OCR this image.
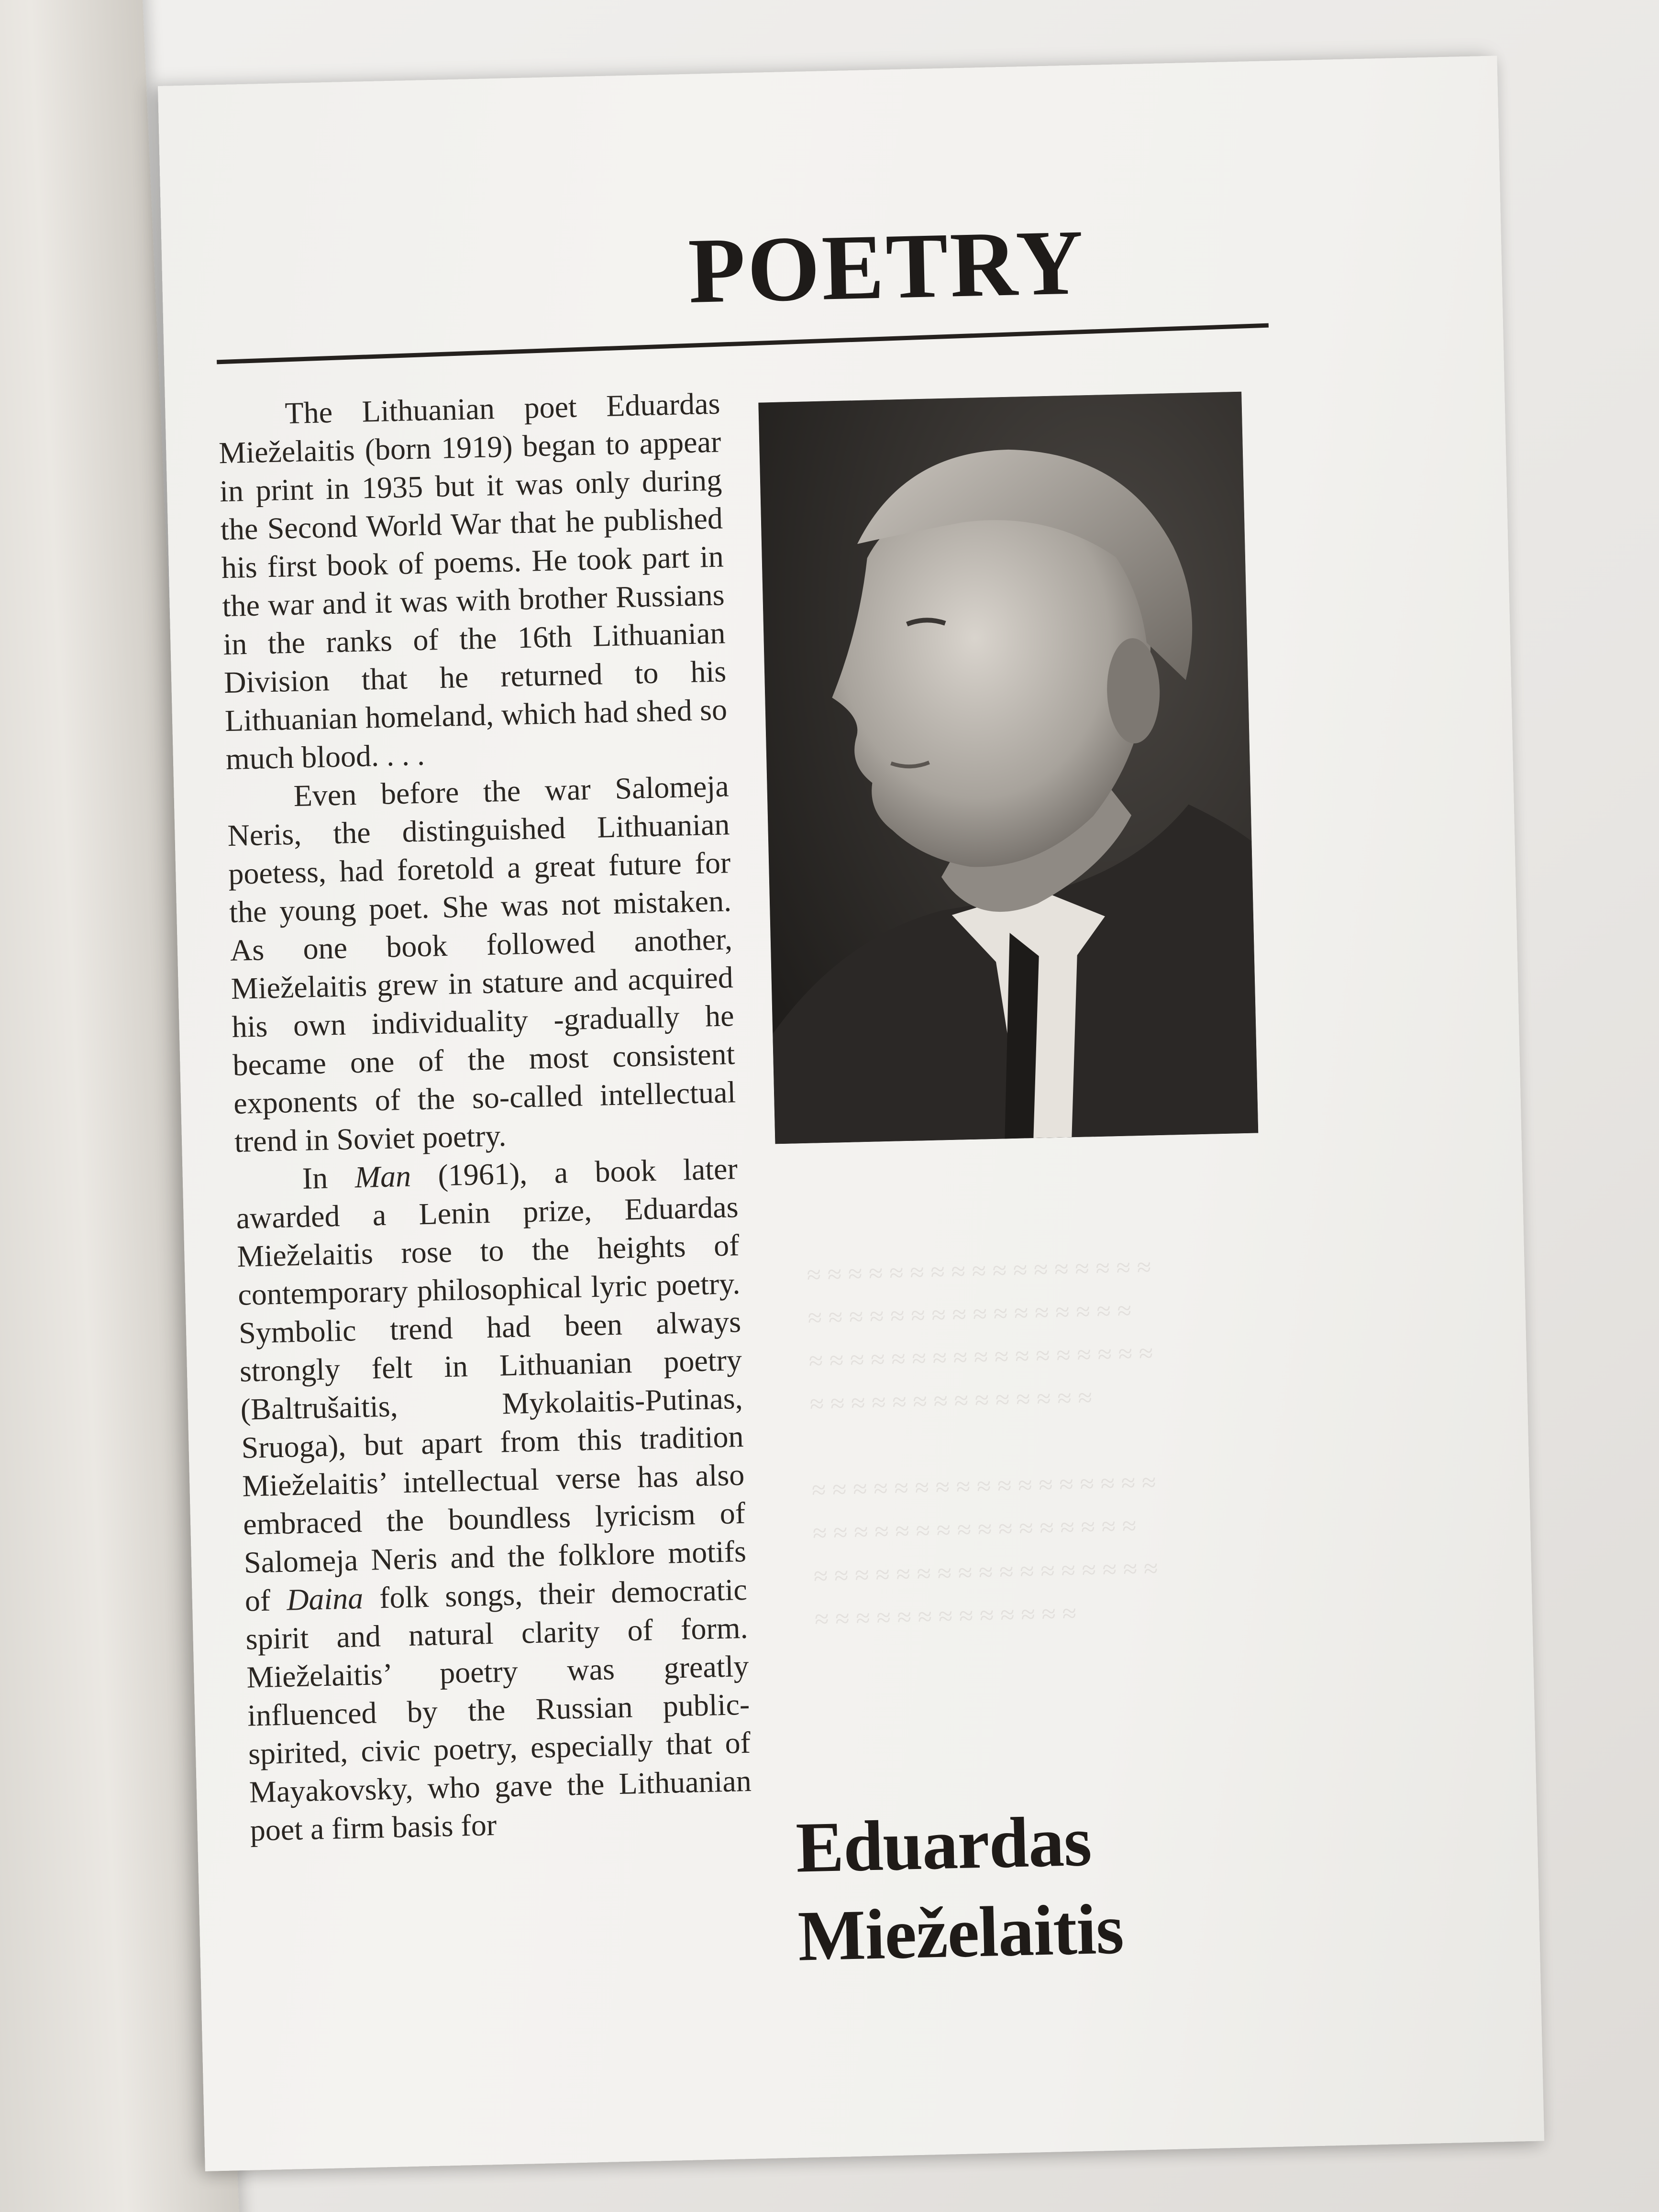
≈ ≈ ≈ ≈ ≈ ≈ ≈ ≈ ≈ ≈ ≈ ≈ ≈ ≈ ≈ ≈ ≈
≈ ≈ ≈ ≈ ≈ ≈ ≈ ≈ ≈ ≈ ≈ ≈ ≈ ≈ ≈ ≈
≈ ≈ ≈ ≈ ≈ ≈ ≈ ≈ ≈ ≈ ≈ ≈ ≈ ≈ ≈ ≈ ≈
≈ ≈ ≈ ≈ ≈ ≈ ≈ ≈ ≈ ≈ ≈ ≈ ≈ ≈

≈ ≈ ≈ ≈ ≈ ≈ ≈ ≈ ≈ ≈ ≈ ≈ ≈ ≈ ≈ ≈ ≈
≈ ≈ ≈ ≈ ≈ ≈ ≈ ≈ ≈ ≈ ≈ ≈ ≈ ≈ ≈ ≈
≈ ≈ ≈ ≈ ≈ ≈ ≈ ≈ ≈ ≈ ≈ ≈ ≈ ≈ ≈ ≈ ≈
≈ ≈ ≈ ≈ ≈ ≈ ≈ ≈ ≈ ≈ ≈ ≈ ≈

POETRY

The Lithuanian poet Eduardas Mieželaitis (born 1919) began to appear in print in 1935 but it was only during the Second World War that he published his first book of poems. He took part in the war and it was with brother Russians in the ranks of the 16th Lithuanian Division that he returned to his Lithuanian homeland, which had shed so much blood. . . .

Even before the war Salomeja Neris, the distinguished Lithuanian poetess, had foretold a great future for the young poet. She was not mistaken. As one book followed another, Mieželaitis grew in stature and acquired his own individuality -gradually he became one of the most consistent exponents of the so-called intellectual trend in Soviet poetry.

In Man (1961), a book later awarded a Lenin prize, Eduardas Mieželaitis rose to the heights of contemporary philosophical lyric poetry. Symbolic trend had been always strongly felt in Lithuanian poetry (Baltrušaitis, Mykolaitis-Putinas, Sruoga), but apart from this tradition Mieželaitis’ intellectual verse has also embraced the boundless lyricism of Salomeja Neris and the folklore motifs of Daina folk songs, their democratic spirit and natural clarity of form. Mieželaitis’ poetry was greatly influenced by the Russian public-spirited, civic poetry, especially that of Mayakovsky, who gave the Lithuanian poet a firm basis for	Eduardas
Mieželaitis
